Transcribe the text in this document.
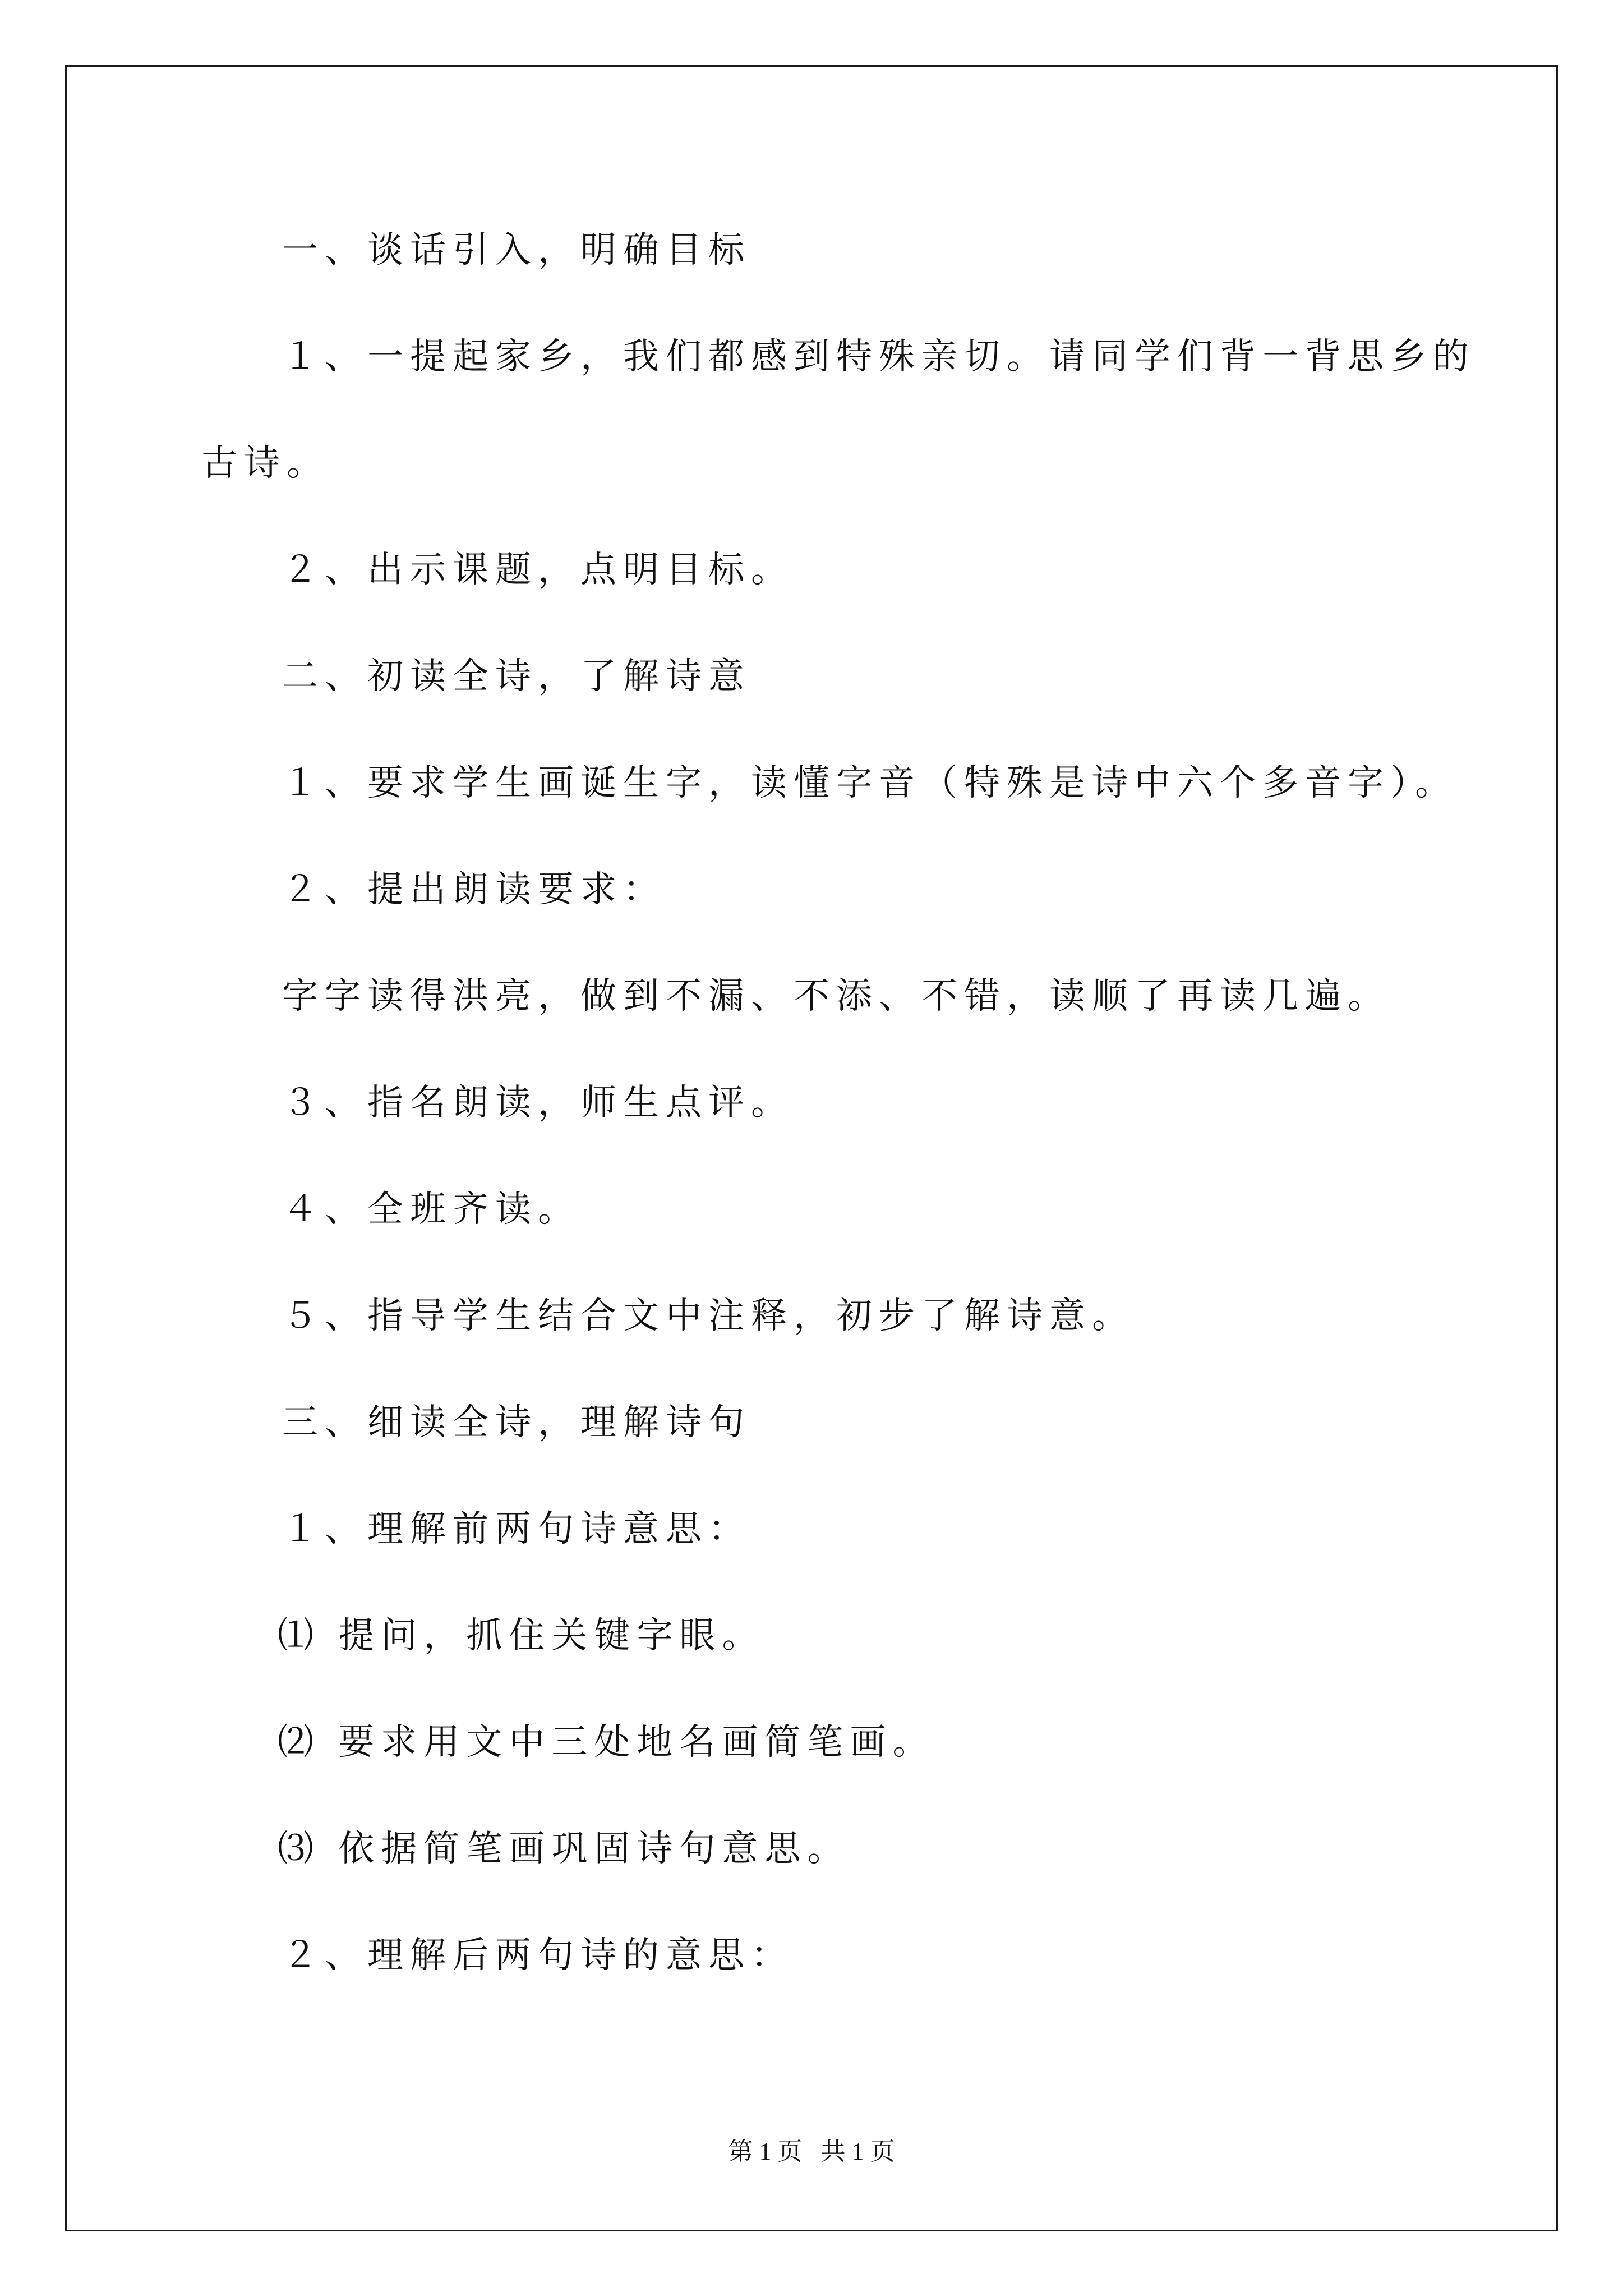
一、谈话引入，明确目标

１、一提起家乡，我们都感到特殊亲切。请同学们背一背思乡的

古诗。

２、出示课题，点明目标。

二、初读全诗，了解诗意

１、要求学生画诞生字，读懂字音（特殊是诗中六个多音字）。

２、提出朗读要求：

字字读得洪亮，做到不漏、不添、不错，读顺了再读几遍。

３、指名朗读，师生点评。

４、全班齐读。

５、指导学生结合文中注释，初步了解诗意。

三、细读全诗，理解诗句

１、理解前两句诗意思：

⑴ 提问，抓住关键字眼。

⑵ 要求用文中三处地名画简笔画。

⑶ 依据简笔画巩固诗句意思。

２、理解后两句诗的意思：

第 1 页   共 1 页
